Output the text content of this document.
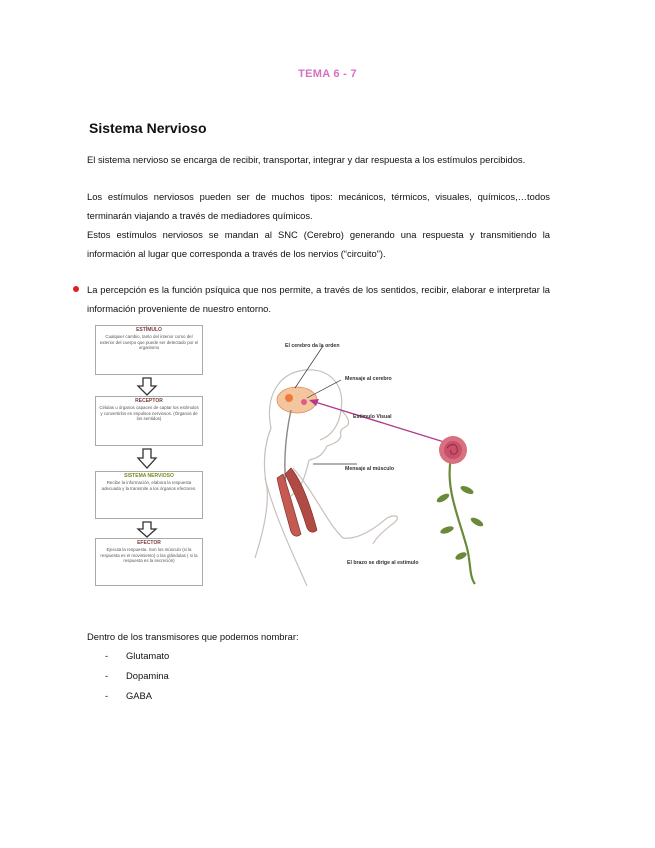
TEMA 6 - 7
Sistema Nervioso

El sistema nervioso se encarga de recibir, transportar, integrar y dar respuesta a los estímulos percibidos.

Los estímulos nerviosos pueden ser de muchos tipos: mecánicos, térmicos, visuales, químicos,…todos terminarán viajando a través de mediadores químicos.

Estos estímulos nerviosos se mandan al SNC (Cerebro) generando una respuesta y transmitiendo la información al lugar que corresponda a través de los nervios (“circuito”).

La percepción es la función psíquica que nos permite, a través de los sentidos, recibir, elaborar e interpretar la información proveniente de nuestro entorno.
ESTÍMULO
Cualquier cambio, tanto del interior como del exterior del cuerpo que puede ser detectado por el organismo
RECEPTOR
Células u órganos capaces de captar los estímulos y convertirlos en impulsos nerviosos. (Órganos de los sentidos)
SISTEMA NERVIOSO
Recibe la información, elabora la respuesta adecuada y la transmite a los órganos efectores.
EFECTOR
Ejecuta la respuesta. Son los músculo (si la respuesta es el movimiento) o las glándulas ( si la respuesta es la secreción)
El cerebro da la orden
Mensaje al cerebro
Estímulo Visual
Mensaje al músculo
El brazo se dirige al estímulo
Dentro de los transmisores que podemos nombrar:
- Glutamato
- Dopamina
- GABA
